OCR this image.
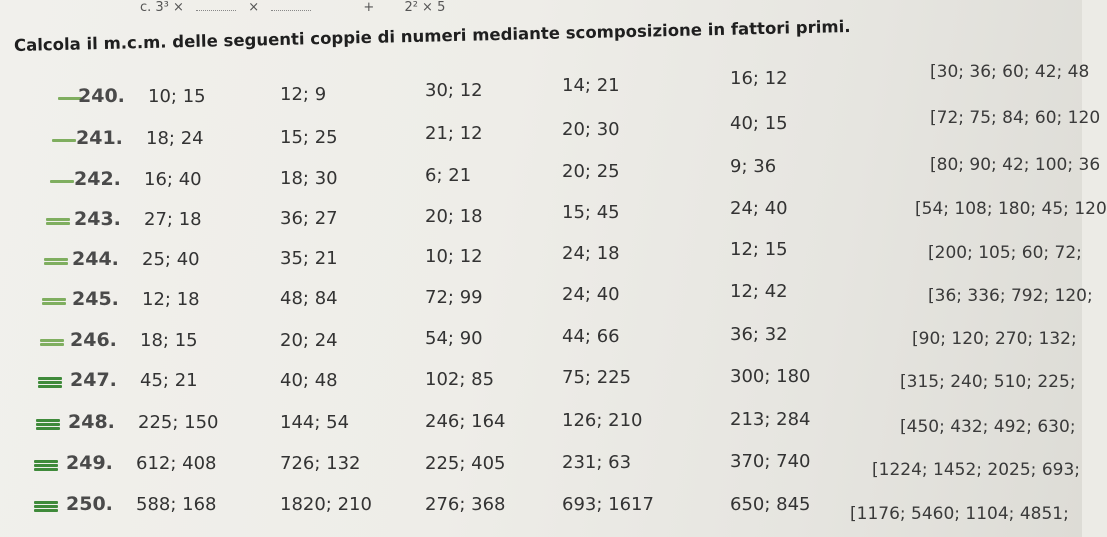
c. 3³ ×	×	+ 2² × 5
Calcola il m.c.m. delle seguenti coppie di numeri mediante scomposizione in fattori primi.
240. 10; 15	12; 9	30; 12	14; 21	16; 12	[30; 36; 60; 42; 48
241. 18; 24	15; 25	21; 12	20; 30	40; 15	[72; 75; 84; 60; 120
242. 16; 40	18; 30	6; 21	20; 25	9; 36	[80; 90; 42; 100; 36
243. 27; 18	36; 27	20; 18	15; 45	24; 40	[54; 108; 180; 45; 120
244. 25; 40	35; 21	10; 12	24; 18	12; 15	[200; 105; 60; 72;
245. 12; 18	48; 84	72; 99	24; 40	12; 42	[36; 336; 792; 120;
246. 18; 15	20; 24	54; 90	44; 66	36; 32	[90; 120; 270; 132;
247. 45; 21	40; 48	102; 85	75; 225	300; 180	[315; 240; 510; 225;
248. 225; 150	144; 54	246; 164	126; 210	213; 284	[450; 432; 492; 630;
249. 612; 408	726; 132	225; 405	231; 63	370; 740	[1224; 1452; 2025; 693;
250. 588; 168	1820; 210	276; 368	693; 1617	650; 845 [1176; 5460; 1104; 4851;
